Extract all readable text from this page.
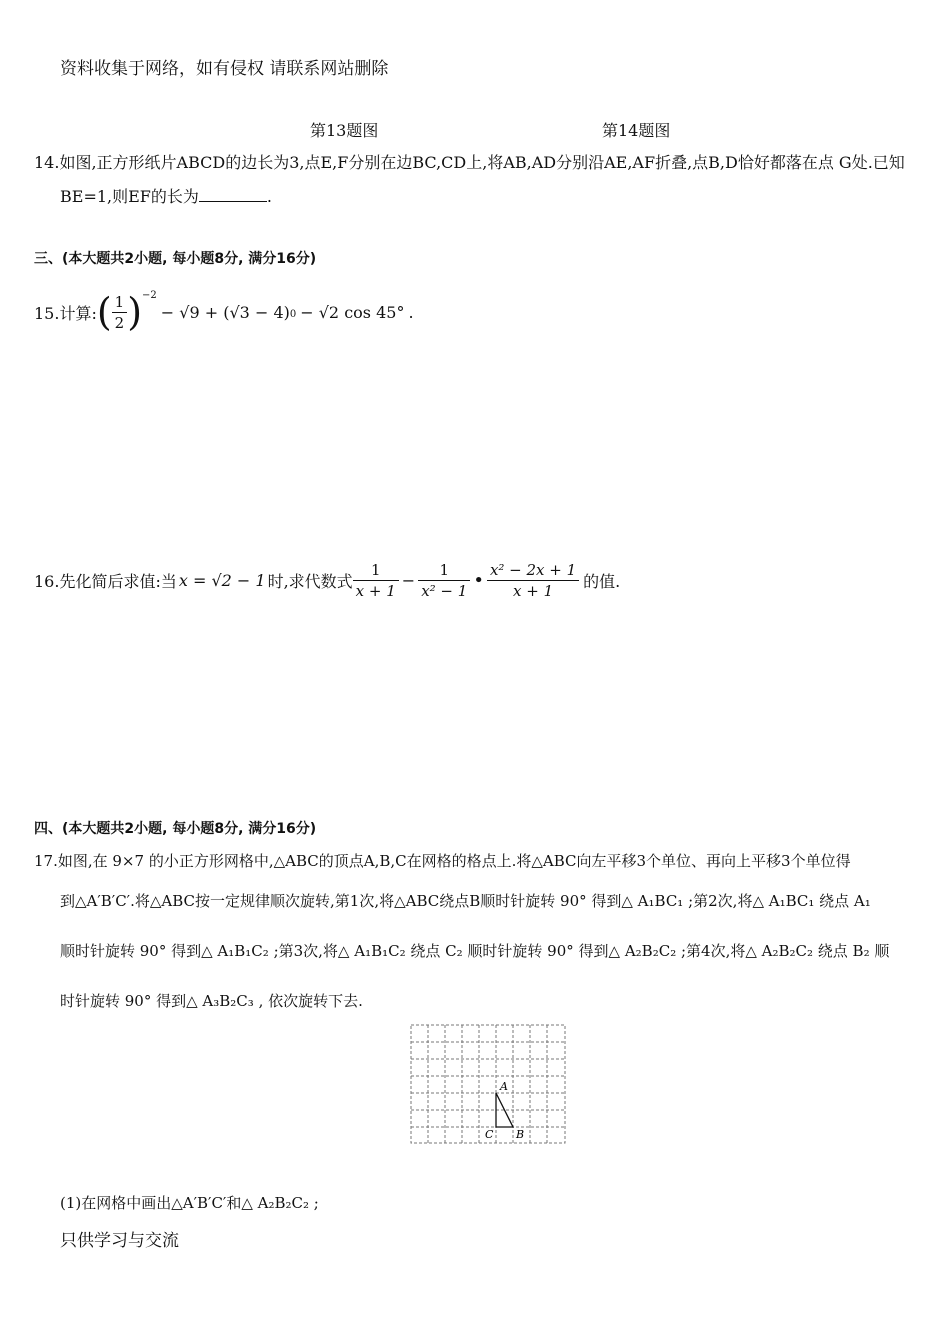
资料收集于网络，如有侵权 请联系网站删除
第13题图	第14题图
14.如图,正方形纸片ABCD的边长为3,点E,F分别在边BC,CD上,将AB,AD分别沿AE,AF折叠,点B,D恰好都落在点 G处.已知
BE=1,则EF的长为	.
三、(本大题共2小题, 每小题8分, 满分16分)
15.计算: ( $\frac{1}{2} )^{-2}$
− √9 + (√3 − 4) 0 − √2 cos 45° .
16.先化简后求值:当 x = √2 − 1 时,求代数式 $\frac{1}{x + 1} - \frac{1}{\text{x² − 1}}$ • $\frac{\text{x² − 2x + 1}}{x + 1}$ 的值.
四、(本大题共2小题, 每小题8分, 满分16分)
17.如图,在 9×7 的小正方形网格中,△ABC的顶点A,B,C在网格的格点上.将△ABC向左平移3个单位、再向上平移3个单位得
到△A′B′C′.将△ABC按一定规律顺次旋转,第1次,将△ABC绕点B顺时针旋转 90° 得到△ A₁BC₁ ;第2次,将△ A₁BC₁ 绕点 A₁
顺时针旋转 90° 得到△ A₁B₁C₂ ;第3次,将△ A₁B₁C₂ 绕点 C₂ 顺时针旋转 90° 得到△ A₂B₂C₂ ;第4次,将△ A₂B₂C₂ 绕点 B₂ 顺
时针旋转 90° 得到△ A₃B₂C₃ , 依次旋转下去.
A
B
C
(1)在网格中画出△A′B′C′和△ A₂B₂C₂ ;
只供学习与交流
